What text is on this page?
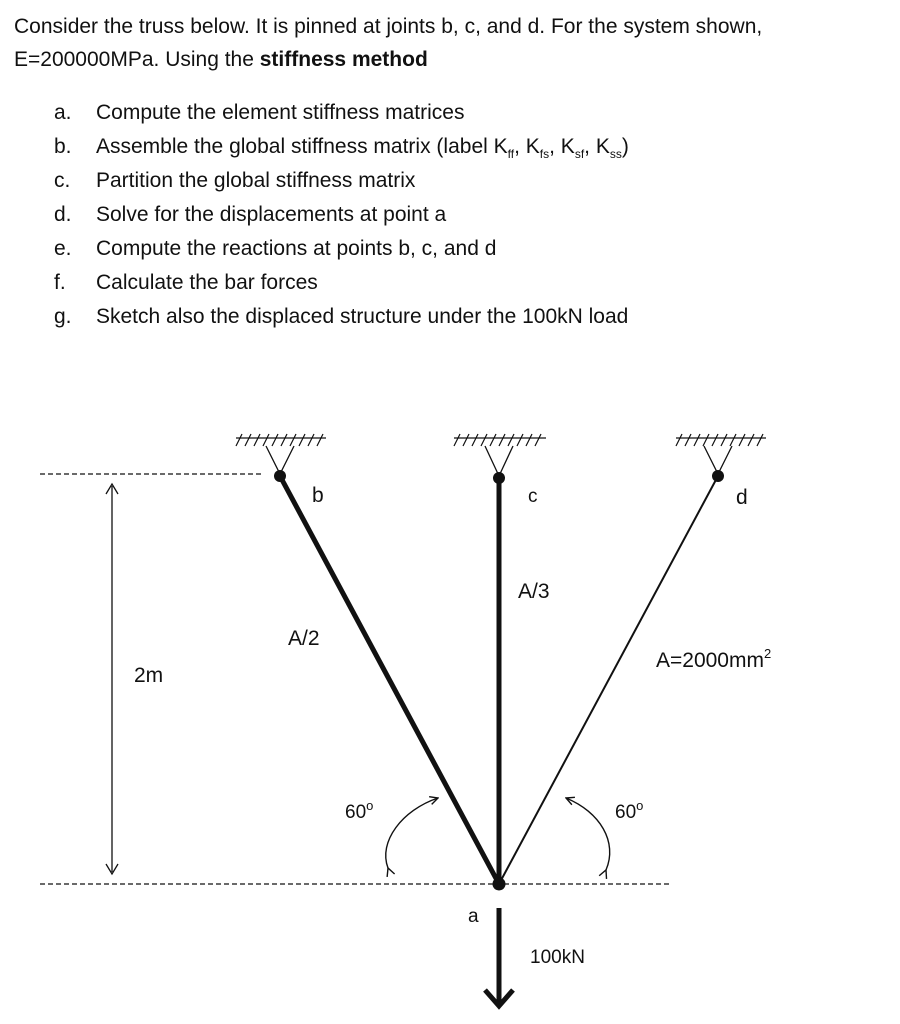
Consider the truss below. It is pinned at joints b, c, and d. For the system shown,
E=200000MPa. Using the stiffness method
a. Compute the element stiffness matrices
b. Assemble the global stiffness matrix (label $K_{ff}$, $K_{fs}$, $K_{sf}$, $K_{ss}$)
c. Partition the global stiffness matrix
d. Solve for the displacements at point a
e. Compute the reactions at points b, c, and d
f. Calculate the bar forces
g. Sketch also the displaced structure under the 100kN load
b	c	d
a
A/2
A/3
$A=2000mm^2$
2m
60$^o$	60$^o$
100kN
